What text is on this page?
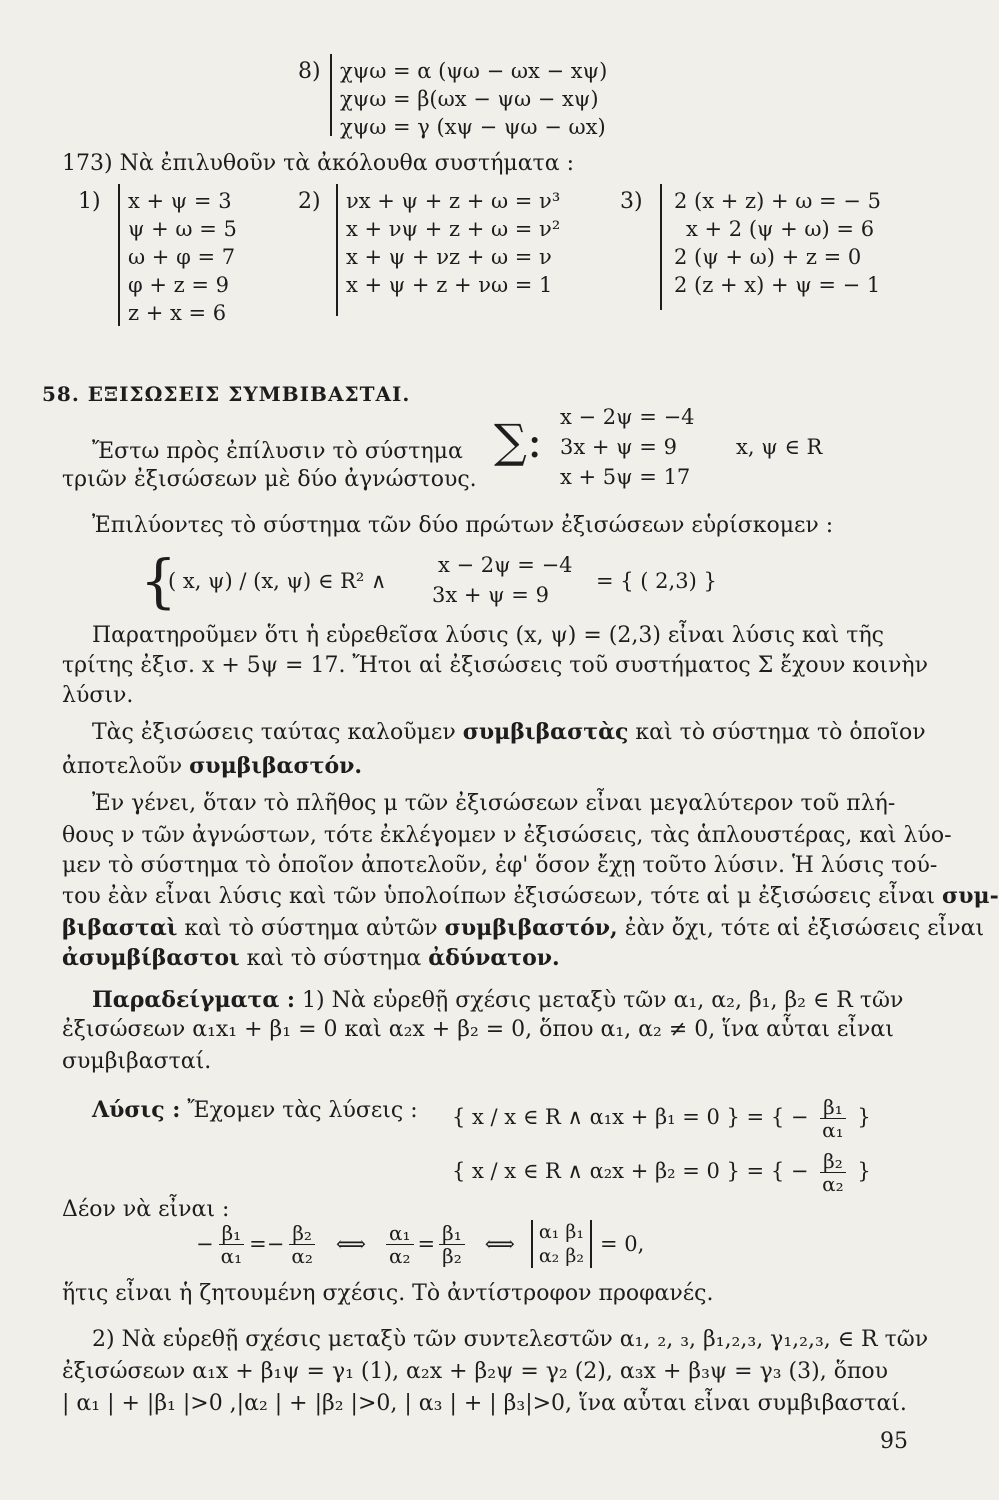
8) χψω = α (ψω − ωx − xψ)
χψω = β(ωx − ψω − xψ)
χψω = γ (xψ − ψω − ωx)
173) Νὰ ἐπιλυθοῦν τὰ ἀκόλουθα συστήματα :
1) x + ψ = 3
ψ + ω = 5
ω + φ = 7
φ + z = 9
z + x = 6
2) νx + ψ + z + ω = ν³
x + νψ + z + ω = ν²
x + ψ + νz + ω = ν
x + ψ + z + νω = 1
3) 2 (x + z) + ω = − 5
x + 2 (ψ + ω) = 6
2 (ψ + ω) + z = 0
2 (z + x) + ψ = − 1
58. ΕΞΙΣΩΣΕΙΣ ΣΥΜΒΙΒΑΣΤΑΙ.
x − 2ψ = −4
Ἔστω πρὸς ἐπίλυσιν τὸ σύστημα ∑: 3x + ψ = 9	x, ψ ∈ R
τριῶν ἐξισώσεων μὲ δύο ἀγνώστους.	x + 5ψ = 17
Ἐπιλύοντες τὸ σύστημα τῶν δύο πρώτων ἐξισώσεων εὑρίσκομεν :
{
( x, ψ) / (x, ψ) ∈ R² ∧
x − 2ψ = −4
3x + ψ = 9
= { ( 2,3) }
Παρατηροῦμεν ὅτι ἡ εὑρεθεῖσα λύσις (x, ψ) = (2,3) εἶναι λύσις καὶ τῆς
τρίτης ἐξισ. x + 5ψ = 17. Ἤτοι αἱ ἐξισώσεις τοῦ συστήματος Σ ἔχουν κοινὴν
λύσιν.
Τὰς ἐξισώσεις ταύτας καλοῦμεν συμβιβαστὰς καὶ τὸ σύστημα τὸ ὁποῖον
ἀποτελοῦν συμβιβαστόν.
Ἐν γένει, ὅταν τὸ πλῆθος μ τῶν ἐξισώσεων εἶναι μεγαλύτερον τοῦ πλή-
θους ν τῶν ἀγνώστων, τότε ἐκλέγομεν ν ἐξισώσεις, τὰς ἁπλουστέρας, καὶ λύο-
μεν τὸ σύστημα τὸ ὁποῖον ἀποτελοῦν, ἐφ' ὅσον ἔχῃ τοῦτο λύσιν. Ἡ λύσις τού-
του ἐὰν εἶναι λύσις καὶ τῶν ὑπολοίπων ἐξισώσεων, τότε αἱ μ ἐξισώσεις εἶναι συμ-
βιβασταὶ καὶ τὸ σύστημα αὐτῶν συμβιβαστόν, ἐὰν ὄχι, τότε αἱ ἐξισώσεις εἶναι
ἀσυμβίβαστοι καὶ τὸ σύστημα ἀδύνατον.
Παραδείγματα : 1) Νὰ εὑρεθῇ σχέσις μεταξὺ τῶν α₁, α₂, β₁, β₂ ∈ R τῶν
ἐξισώσεων α₁x₁ + β₁ = 0 καὶ α₂x + β₂ = 0, ὅπου α₁, α₂ ≠ 0, ἵνα αὗται εἶναι
συμβιβασταί.
Λύσις : Ἔχομεν τὰς λύσεις : { x / x ∈ R ∧ α₁x + β₁ = 0 } = { − $\frac{\text{β₁}}{\text{α₁}}$ }
{ x / x ∈ R ∧ α₂x + β₂ = 0 } = { − $\frac{\text{β₂}}{\text{α₂}}$ }
Δέον νὰ εἶναι :
− $\frac{\text{β₁}}{\text{α₁}}$ = − $\frac{\text{β₂}}{\text{α₂}}$ ⟺ $\frac{\text{α₁}}{\text{α₂}} = \frac{\text{β₁}}{\text{β₂}}$ ⟺ α₁ β₁
α₂ β₂ = 0,
ἥτις εἶναι ἡ ζητουμένη σχέσις. Τὸ ἀντίστροφον προφανές.
2) Νὰ εὑρεθῇ σχέσις μεταξὺ τῶν συντελεστῶν α₁, ₂, ₃, β₁,₂,₃, γ₁,₂,₃, ∈ R τῶν
ἐξισώσεων α₁x + β₁ψ = γ₁ (1), α₂x + β₂ψ = γ₂ (2), α₃x + β₃ψ = γ₃ (3), ὅπου
| α₁ | + |β₁ |>0 ,|α₂ | + |β₂ |>0, | α₃ | + | β₃|>0, ἵνα αὗται εἶναι συμβιβασταί.
95
